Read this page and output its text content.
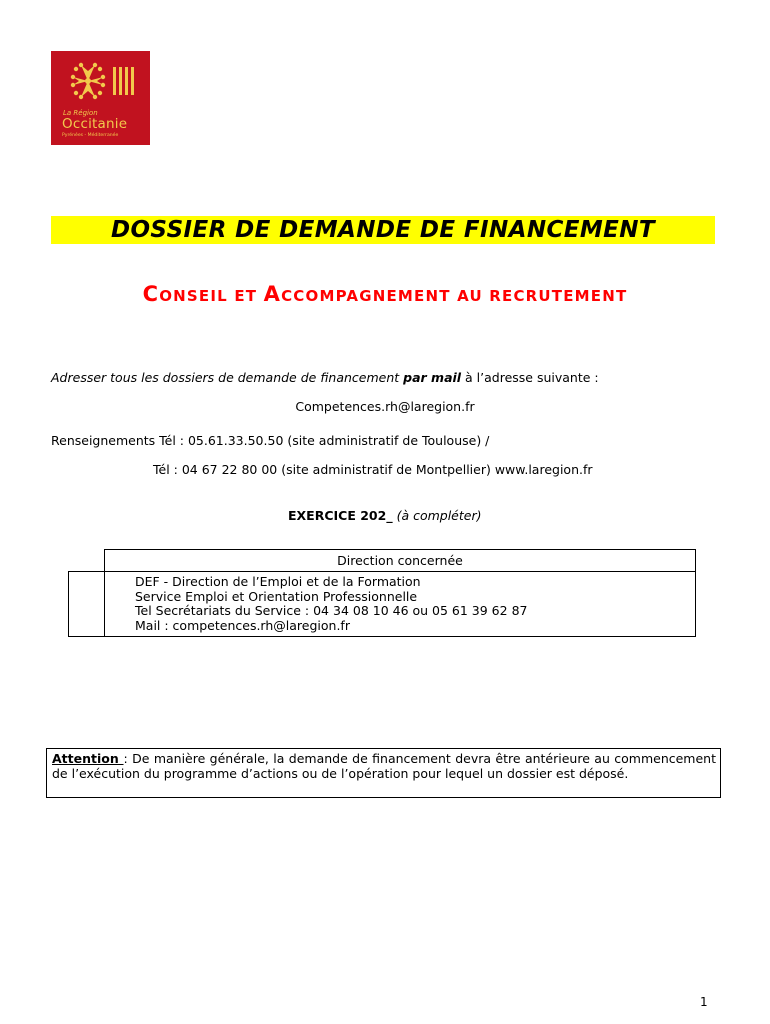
La Région
Occitanie
Pyrénées - Méditerranée
DOSSIER DE DEMANDE DE FINANCEMENT
CONSEIL ET ACCOMPAGNEMENT AU RECRUTEMENT
Adresser tous les dossiers de demande de financement par mail à l’adresse suivante :
Competences.rh@laregion.fr
Renseignements Tél : 05.61.33.50.50 (site administratif de Toulouse) /
Tél : 04 67 22 80 00 (site administratif de Montpellier) www.laregion.fr
EXERCICE 202_ (à compléter)
Direction concernée
DEF - Direction de l’Emploi et de la Formation
Service Emploi et Orientation Professionnelle
Tel Secrétariats du Service : 04 34 08 10 46 ou 05 61 39 62 87
Mail : competences.rh@laregion.fr

Attention : De manière générale, la demande de financement devra être antérieure au commencement de l’exécution du programme d’actions ou de l’opération pour lequel un dossier est déposé.

1
